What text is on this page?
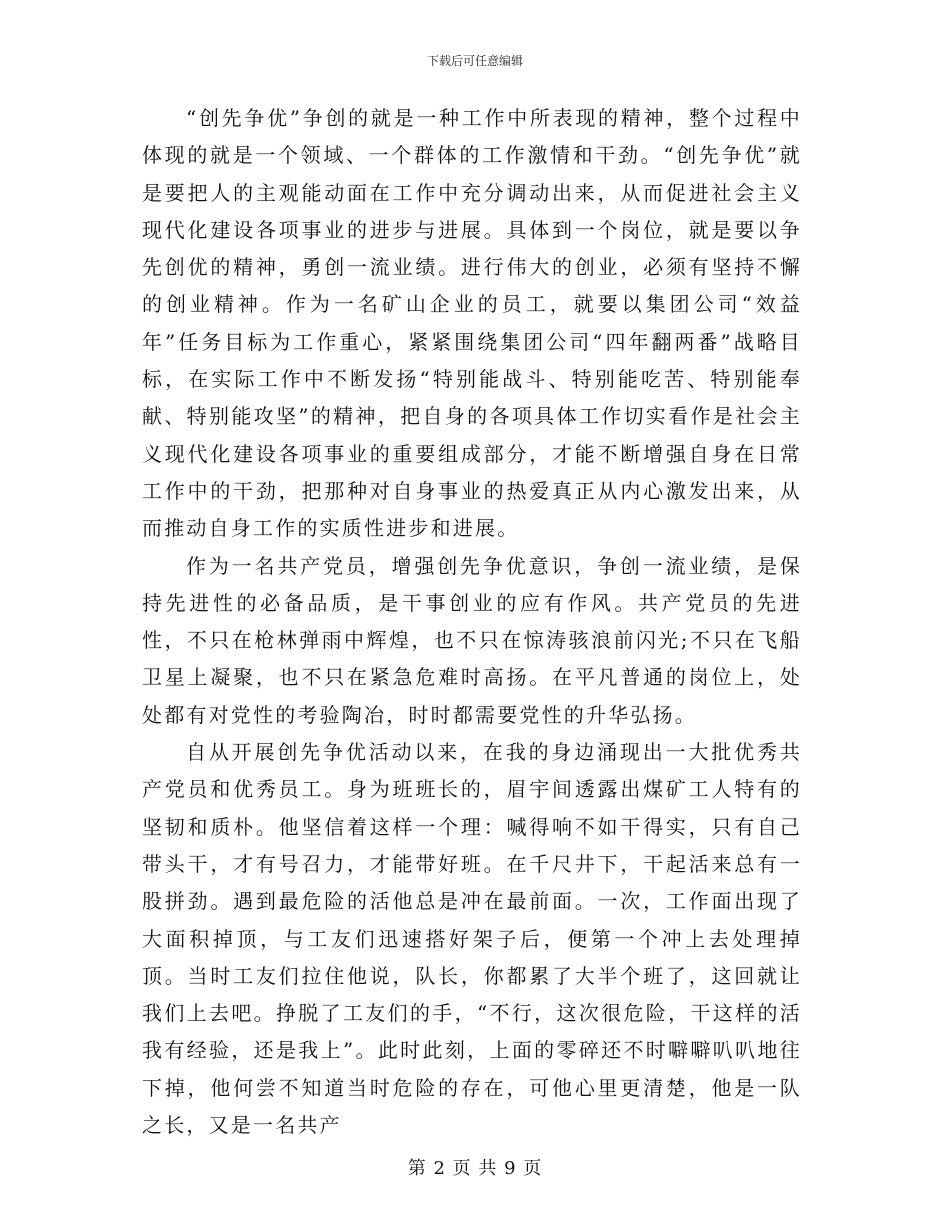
下载后可任意编辑

“创先争优”争创的就是一种工作中所表现的精神，整个过程中体现的就是一个领域、一个群体的工作激情和干劲。“创先争优”就是要把人的主观能动面在工作中充分调动出来，从而促进社会主义现代化建设各项事业的进步与进展。具体到一个岗位，就是要以争先创优的精神，勇创一流业绩。进行伟大的创业，必须有坚持不懈的创业精神。作为一名矿山企业的员工，就要以集团公司“效益年”任务目标为工作重心，紧紧围绕集团公司“四年翻两番”战略目标，在实际工作中不断发扬“特别能战斗、特别能吃苦、特别能奉献、特别能攻坚”的精神，把自身的各项具体工作切实看作是社会主义现代化建设各项事业的重要组成部分，才能不断增强自身在日常工作中的干劲，把那种对自身事业的热爱真正从内心激发出来，从而推动自身工作的实质性进步和进展。

作为一名共产党员，增强创先争优意识，争创一流业绩，是保持先进性的必备品质，是干事创业的应有作风。共产党员的先进性，不只在枪林弹雨中辉煌，也不只在惊涛骇浪前闪光;不只在飞船卫星上凝聚，也不只在紧急危难时高扬。在平凡普通的岗位上，处处都有对党性的考验陶冶，时时都需要党性的升华弘扬。

自从开展创先争优活动以来，在我的身边涌现出一大批优秀共产党员和优秀员工。身为班班长的，眉宇间透露出煤矿工人特有的坚韧和质朴。他坚信着这样一个理：喊得响不如干得实，只有自己带头干，才有号召力，才能带好班。在千尺井下，干起活来总有一股拼劲。遇到最危险的活他总是冲在最前面。一次，工作面出现了大面积掉顶，与工友们迅速搭好架子后，便第一个冲上去处理掉顶。当时工友们拉住他说，队长，你都累了大半个班了，这回就让我们上去吧。挣脱了工友们的手，“不行，这次很危险，干这样的活我有经验，还是我上”。此时此刻，上面的零碎还不时噼噼叭叭地往下掉，他何尝不知道当时危险的存在，可他心里更清楚，他是一队之长，又是一名共产

第 2 页 共 9 页
